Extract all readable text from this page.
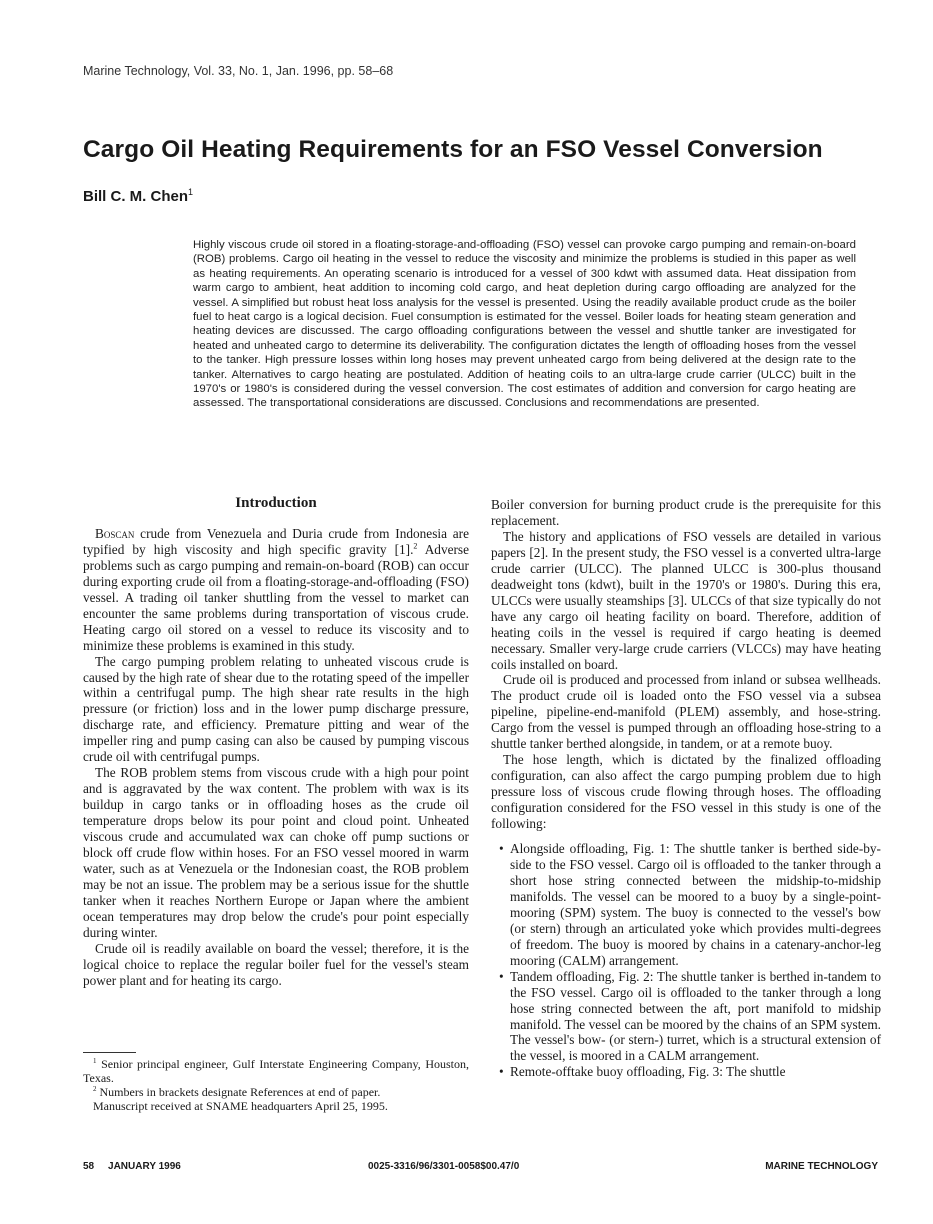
Marine Technology, Vol. 33, No. 1, Jan. 1996, pp. 58–68
Cargo Oil Heating Requirements for an FSO Vessel Conversion
Bill C. M. Chen$^1$

Highly viscous crude oil stored in a floating-storage-and-offloading (FSO) vessel can provoke cargo pumping and remain-on-board (ROB) problems. Cargo oil heating in the vessel to reduce the viscosity and minimize the problems is studied in this paper as well as heating requirements. An operating scenario is introduced for a vessel of 300 kdwt with assumed data. Heat dissipation from warm cargo to ambient, heat addition to incoming cold cargo, and heat depletion during cargo offloading are analyzed for the vessel. A simplified but robust heat loss analysis for the vessel is presented. Using the readily available product crude as the boiler fuel to heat cargo is a logical decision. Fuel consumption is estimated for the vessel. Boiler loads for heating steam generation and heating devices are discussed. The cargo offloading configurations between the vessel and shuttle tanker are investigated for heated and unheated cargo to determine its deliverability. The configuration dictates the length of offloading hoses from the vessel to the tanker. High pressure losses within long hoses may prevent unheated cargo from being delivered at the design rate to the tanker. Alternatives to cargo heating are postulated. Addition of heating coils to an ultra-large crude carrier (ULCC) built in the 1970's or 1980's is considered during the vessel conversion. The cost estimates of addition and conversion for cargo heating are assessed. The transportational considerations are discussed. Conclusions and recommendations are presented.

Introduction

Boscan crude from Venezuela and Duria crude from Indonesia are typified by high viscosity and high specific gravity [1].$^2$ Adverse problems such as cargo pumping and remain-on-board (ROB) can occur during exporting crude oil from a floating-storage-and-offloading (FSO) vessel. A trading oil tanker shuttling from the vessel to market can encounter the same problems during transportation of viscous crude. Heating cargo oil stored on a vessel to reduce its viscosity and to minimize these problems is examined in this study.

The cargo pumping problem relating to unheated viscous crude is caused by the high rate of shear due to the rotating speed of the impeller within a centrifugal pump. The high shear rate results in the high pressure (or friction) loss and in the lower pump discharge pressure, discharge rate, and efficiency. Premature pitting and wear of the impeller ring and pump casing can also be caused by pumping viscous crude oil with centrifugal pumps.

The ROB problem stems from viscous crude with a high pour point and is aggravated by the wax content. The problem with wax is its buildup in cargo tanks or in offloading hoses as the crude oil temperature drops below its pour point and cloud point. Unheated viscous crude and accumulated wax can choke off pump suctions or block off crude flow within hoses. For an FSO vessel moored in warm water, such as at Venezuela or the Indonesian coast, the ROB problem may be not an issue. The problem may be a serious issue for the shuttle tanker when it reaches Northern Europe or Japan where the ambient ocean temperatures may drop below the crude's pour point especially during winter.

Crude oil is readily available on board the vessel; therefore, it is the logical choice to replace the regular boiler fuel for the vessel's steam power plant and for heating its cargo.

Boiler conversion for burning product crude is the prerequisite for this replacement.

The history and applications of FSO vessels are detailed in various papers [2]. In the present study, the FSO vessel is a converted ultra-large crude carrier (ULCC). The planned ULCC is 300-plus thousand deadweight tons (kdwt), built in the 1970's or 1980's. During this era, ULCCs were usually steamships [3]. ULCCs of that size typically do not have any cargo oil heating facility on board. Therefore, addition of heating coils in the vessel is required if cargo heating is deemed necessary. Smaller very-large crude carriers (VLCCs) may have heating coils installed on board.

Crude oil is produced and processed from inland or subsea wellheads. The product crude oil is loaded onto the FSO vessel via a subsea pipeline, pipeline-end-manifold (PLEM) assembly, and hose-string. Cargo from the vessel is pumped through an offloading hose-string to a shuttle tanker berthed alongside, in tandem, or at a remote buoy.

The hose length, which is dictated by the finalized offloading configuration, can also affect the cargo pumping problem due to high pressure loss of viscous crude flowing through hoses. The offloading configuration considered for the FSO vessel in this study is one of the following:

• Alongside offloading, Fig. 1: The shuttle tanker is berthed side-by-side to the FSO vessel. Cargo oil is offloaded to the tanker through a short hose string connected between the midship-to-midship manifolds. The vessel can be moored to a buoy by a single-point-mooring (SPM) system. The buoy is connected to the vessel's bow (or stern) through an articulated yoke which provides multi-degrees of freedom. The buoy is moored by chains in a catenary-anchor-leg mooring (CALM) arrangement.
• Tandem offloading, Fig. 2: The shuttle tanker is berthed in-tandem to the FSO vessel. Cargo oil is offloaded to the tanker through a long hose string connected between the aft, port manifold to midship manifold. The vessel can be moored by the chains of an SPM system. The vessel's bow- (or stern-) turret, which is a structural extension of the vessel, is moored in a CALM arrangement.
• Remote-offtake buoy offloading, Fig. 3: The shuttle

$^1$ Senior principal engineer, Gulf Interstate Engineering Company, Houston, Texas.

$^2$ Numbers in brackets designate References at end of paper.

Manuscript received at SNAME headquarters April 25, 1995.

58     JANUARY 1996	0025-3316/96/3301-0058$00.47/0	MARINE TECHNOLOGY
